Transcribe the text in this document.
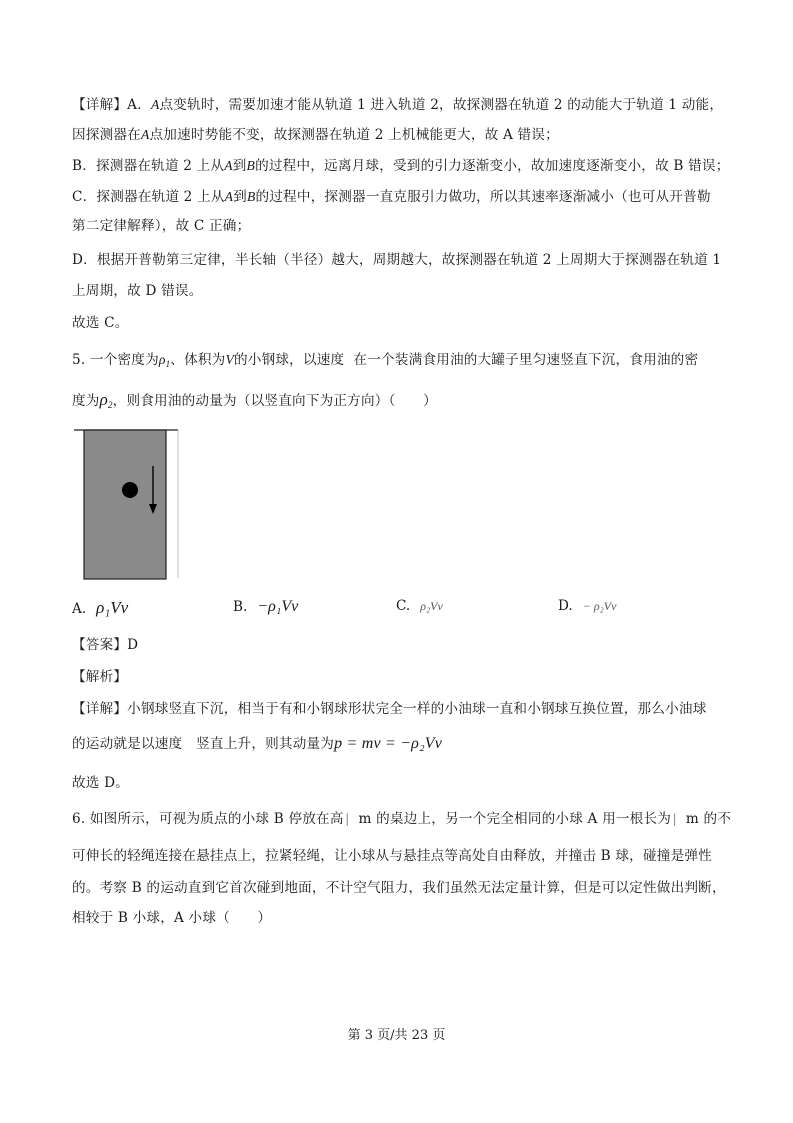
【详解】A．A点变轨时，需要加速才能从轨道 1 进入轨道 2，故探测器在轨道 2 的动能大于轨道 1 动能，
因探测器在A点加速时势能不变，故探测器在轨道 2 上机械能更大，故 A 错误；
B．探测器在轨道 2 上从A到B的过程中，远离月球，受到的引力逐渐变小，故加速度逐渐变小，故 B 错误；
C．探测器在轨道 2 上从A到B的过程中，探测器一直克服引力做功，所以其速率逐渐减小（也可从开普勒
第二定律解释），故 C 正确；
D．根据开普勒第三定律，半长轴（半径）越大，周期越大，故探测器在轨道 2 上周期大于探测器在轨道 1
上周期，故 D 错误。
故选 C。
5. 一个密度为$\rho_1$、体积为V的小钢球，以速度 在一个装满食用油的大罐子里匀速竖直下沉，食用油的密
度为$\rho_2$，则食用油的动量为（以竖直向下为正方向）（　　）
A. ρ₁Vv	B. −ρ₁Vv	C. ρ₂Vv	D. − ρ₂Vv
【答案】D
【解析】
【详解】小钢球竖直下沉，相当于有和小钢球形状完全一样的小油球一直和小钢球互换位置，那么小油球
的运动就是以速度　竖直上升，则其动量为p = mv = −ρ₂Vv
故选 D。
6. 如图所示，可视为质点的小球 B 停放在高| m 的桌边上，另一个完全相同的小球 A 用一根长为| m 的不
可伸长的轻绳连接在悬挂点上，拉紧轻绳，让小球从与悬挂点等高处自由释放，并撞击 B 球，碰撞是弹性
的。考察 B 的运动直到它首次碰到地面，不计空气阻力，我们虽然无法定量计算，但是可以定性做出判断，
相较于 B 小球，A 小球（　　）
第 3 页/共 23 页
